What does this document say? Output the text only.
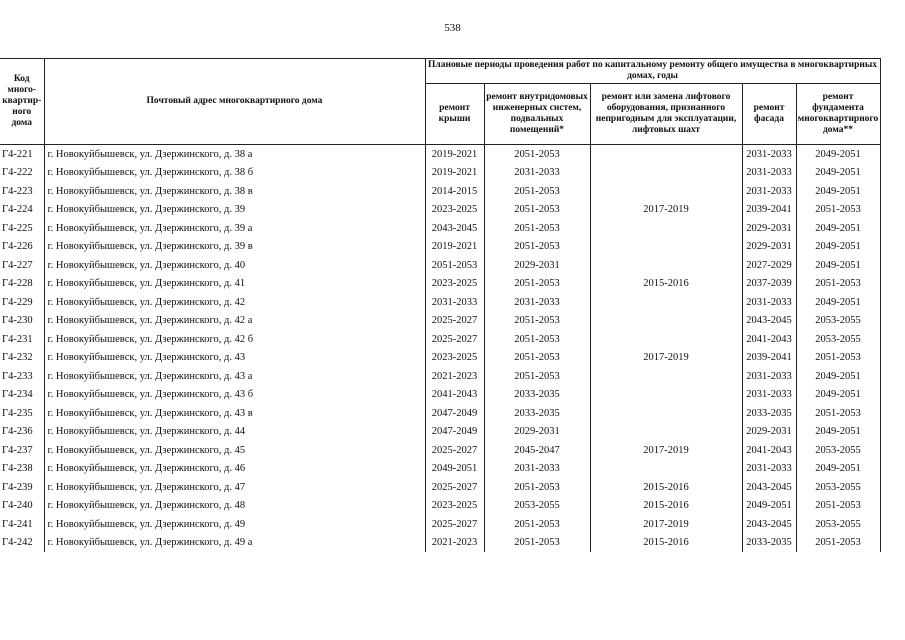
538
Код много-квартир-ного дома	Почтовый адрес многоквартирного дома	Плановые периоды проведения работ по капитальному ремонту общего имущества в многоквартирных домах, годы				
		ремонт крыши	ремонт внутридомовых инженерных систем, подвальных помещений*	ремонт или замена лифтового оборудования, признанного непригодным для эксплуатации, лифтовых шахт	ремонт фасада	ремонт фундамента многоквартирного дома**
Г4-221	г. Новокуйбышевск, ул. Дзержинского, д. 38 а	2019-2021	2051-2053		2031-2033	2049-2051
Г4-222	г. Новокуйбышевск, ул. Дзержинского, д. 38 б	2019-2021	2031-2033		2031-2033	2049-2051
Г4-223	г. Новокуйбышевск, ул. Дзержинского, д. 38 в	2014-2015	2051-2053		2031-2033	2049-2051
Г4-224	г. Новокуйбышевск, ул. Дзержинского, д. 39	2023-2025	2051-2053	2017-2019	2039-2041	2051-2053
Г4-225	г. Новокуйбышевск, ул. Дзержинского, д. 39 а	2043-2045	2051-2053		2029-2031	2049-2051
Г4-226	г. Новокуйбышевск, ул. Дзержинского, д. 39 в	2019-2021	2051-2053		2029-2031	2049-2051
Г4-227	г. Новокуйбышевск, ул. Дзержинского, д. 40	2051-2053	2029-2031		2027-2029	2049-2051
Г4-228	г. Новокуйбышевск, ул. Дзержинского, д. 41	2023-2025	2051-2053	2015-2016	2037-2039	2051-2053
Г4-229	г. Новокуйбышевск, ул. Дзержинского, д. 42	2031-2033	2031-2033		2031-2033	2049-2051
Г4-230	г. Новокуйбышевск, ул. Дзержинского, д. 42 а	2025-2027	2051-2053		2043-2045	2053-2055
Г4-231	г. Новокуйбышевск, ул. Дзержинского, д. 42 б	2025-2027	2051-2053		2041-2043	2053-2055
Г4-232	г. Новокуйбышевск, ул. Дзержинского, д. 43	2023-2025	2051-2053	2017-2019	2039-2041	2051-2053
Г4-233	г. Новокуйбышевск, ул. Дзержинского, д. 43 а	2021-2023	2051-2053		2031-2033	2049-2051
Г4-234	г. Новокуйбышевск, ул. Дзержинского, д. 43 б	2041-2043	2033-2035		2031-2033	2049-2051
Г4-235	г. Новокуйбышевск, ул. Дзержинского, д. 43 в	2047-2049	2033-2035		2033-2035	2051-2053
Г4-236	г. Новокуйбышевск, ул. Дзержинского, д. 44	2047-2049	2029-2031		2029-2031	2049-2051
Г4-237	г. Новокуйбышевск, ул. Дзержинского, д. 45	2025-2027	2045-2047	2017-2019	2041-2043	2053-2055
Г4-238	г. Новокуйбышевск, ул. Дзержинского, д. 46	2049-2051	2031-2033		2031-2033	2049-2051
Г4-239	г. Новокуйбышевск, ул. Дзержинского, д. 47	2025-2027	2051-2053	2015-2016	2043-2045	2053-2055
Г4-240	г. Новокуйбышевск, ул. Дзержинского, д. 48	2023-2025	2053-2055	2015-2016	2049-2051	2051-2053
Г4-241	г. Новокуйбышевск, ул. Дзержинского, д. 49	2025-2027	2051-2053	2017-2019	2043-2045	2053-2055
Г4-242	г. Новокуйбышевск, ул. Дзержинского, д. 49 а	2021-2023	2051-2053	2015-2016	2033-2035	2051-2053
